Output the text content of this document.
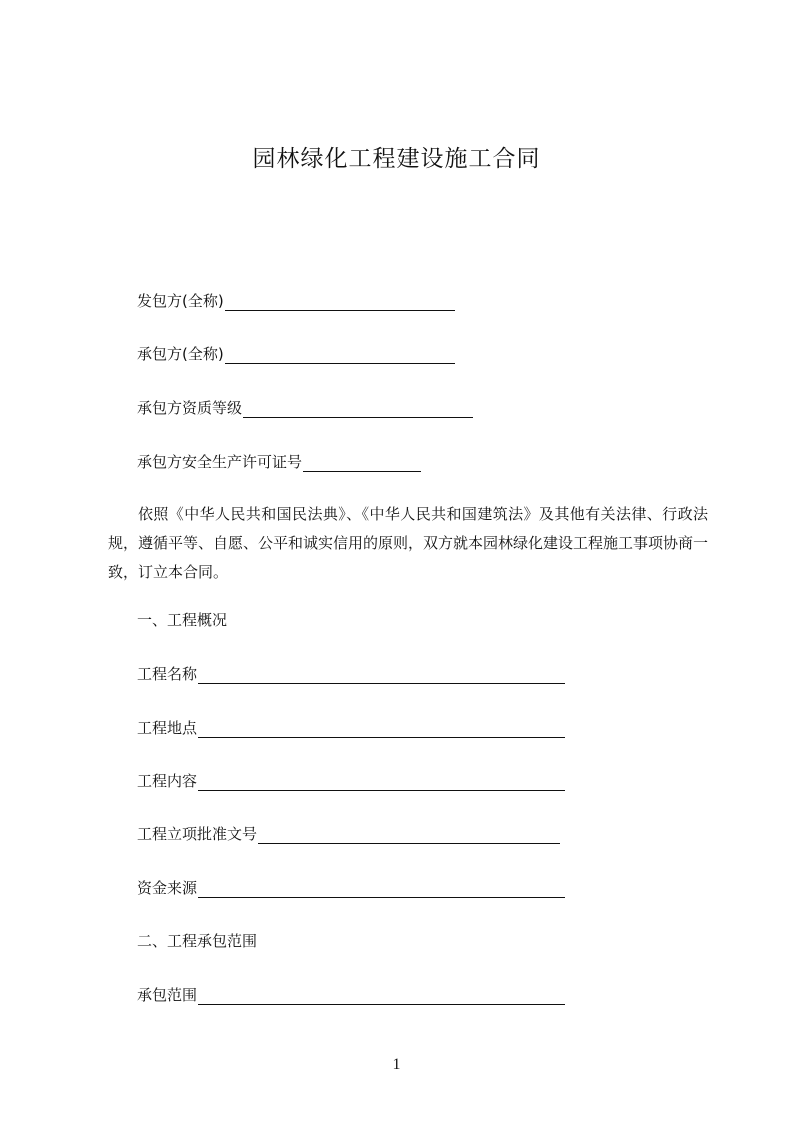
园林绿化工程建设施工合同
发包方(全称)
承包方(全称)
承包方资质等级
承包方安全生产许可证号
依照《中华人民共和国民法典》、《中华人民共和国建筑法》及其他有关法律、行政法规，遵循平等、自愿、公平和诚实信用的原则，双方就本园林绿化建设工程施工事项协商一致，订立本合同。
一、工程概况
工程名称
工程地点
工程内容
工程立项批准文号
资金来源
二、工程承包范围
承包范围
1
